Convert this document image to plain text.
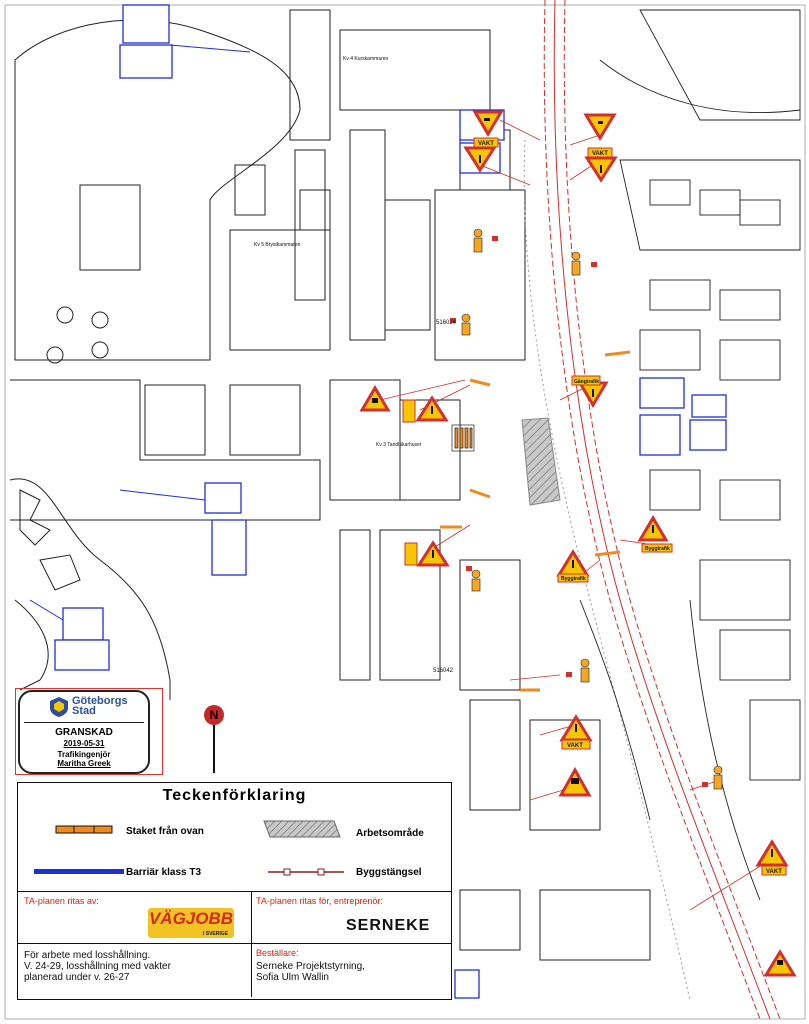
VAKT
VAKT
VAKT
VAKT
Gångtrafik
Byggtrafik
Byggtrafik
Kv 4 Kurskammaren
Kv 5 Brystkammaren
Kv 3 Tandläkarhuset
516024
516042
Göteborgs
Stad
GRANSKAD
2019-05-31
Trafikingenjör
Maritha Greek
N
Teckenförklaring
Staket från ovan	Arbetsområde
Barriär klass T3	Byggstängsel
TA-planen ritas av:
VÄGJOBB
I SVERIGE
TA-planen ritas för, entreprenör:
SERNEKE
För arbete med losshållning.
V. 24-29, losshållning med vakter
planerad under v. 26-27
Beställare:
Serneke Projektstyrning,
Sofia Ulm Wallin
